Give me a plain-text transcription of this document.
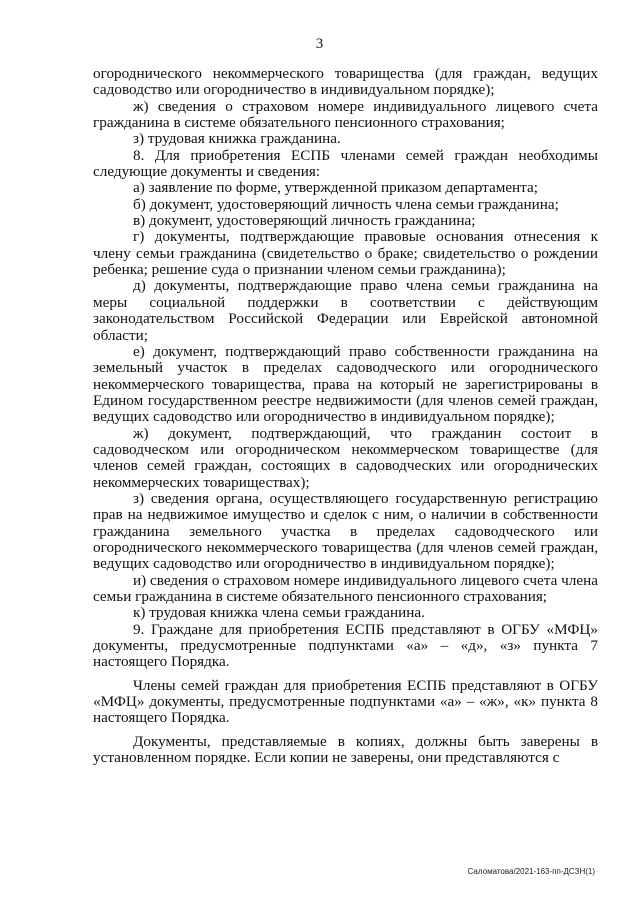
3

огороднического некоммерческого товарищества (для граждан, ведущих садоводство или огородничество в индивидуальном порядке);

ж) сведения о страховом номере индивидуального лицевого счета гражданина в системе обязательного пенсионного страхования;

з) трудовая книжка гражданина.

8. Для приобретения ЕСПБ членами семей граждан необходимы следующие документы и сведения:

а) заявление по форме, утвержденной приказом департамента;

б) документ, удостоверяющий личность члена семьи гражданина;

в) документ, удостоверяющий личность гражданина;

г) документы, подтверждающие правовые основания отнесения к члену семьи гражданина (свидетельство о браке; свидетельство о рождении ребенка; решение суда о признании членом семьи гражданина);

д) документы, подтверждающие право члена семьи гражданина на меры социальной поддержки в соответствии с действующим законодательством Российской Федерации или Еврейской автономной области;

е) документ, подтверждающий право собственности гражданина на земельный участок в пределах садоводческого или огороднического некоммерческого товарищества, права на который не зарегистрированы в Едином государственном реестре недвижимости (для членов семей граждан, ведущих садоводство или огородничество в индивидуальном порядке);

ж) документ, подтверждающий, что гражданин состоит в садоводческом или огородническом некоммерческом товариществе (для членов семей граждан, состоящих в садоводческих или огороднических некоммерческих товариществах);

з) сведения органа, осуществляющего государственную регистрацию прав на недвижимое имущество и сделок с ним, о наличии в собственности гражданина земельного участка в пределах садоводческого или огороднического некоммерческого товарищества (для членов семей граждан, ведущих садоводство или огородничество в индивидуальном порядке);

и) сведения о страховом номере индивидуального лицевого счета члена семьи гражданина в системе обязательного пенсионного страхования;

к) трудовая книжка члена семьи гражданина.

9. Граждане для приобретения ЕСПБ представляют в ОГБУ «МФЦ» документы, предусмотренные подпунктами «а» – «д», «з» пункта 7 настоящего Порядка.

Члены семей граждан для приобретения ЕСПБ представляют в ОГБУ «МФЦ» документы, предусмотренные подпунктами «а» – «ж», «к» пункта 8 настоящего Порядка.

Документы, представляемые в копиях, должны быть заверены в установленном порядке. Если копии не заверены, они представляются с

Саломатова/2021-163-пп-ДСЗН(1)
